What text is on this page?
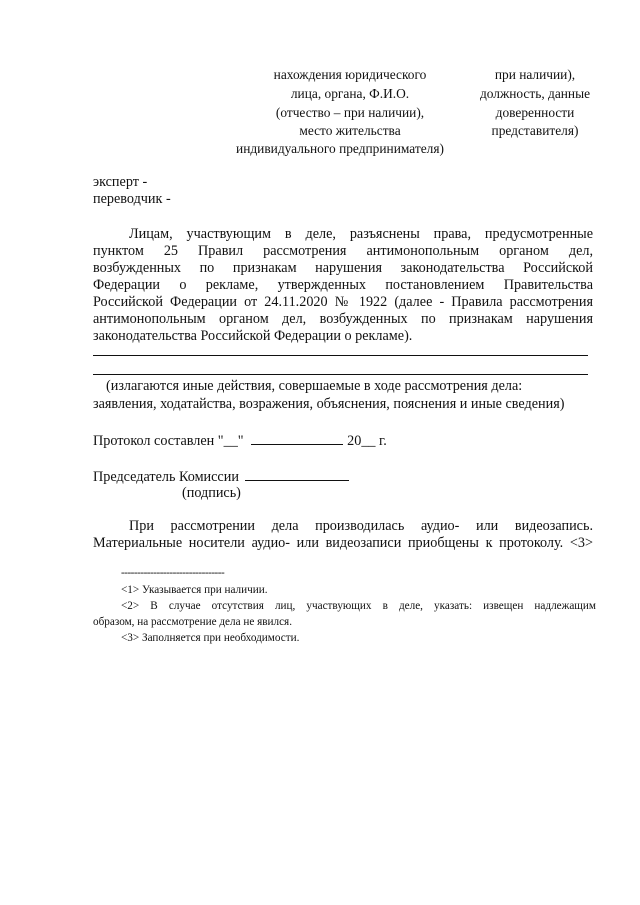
нахождения юридического
лица, органа, Ф.И.О.
(отчество – при наличии),
место жительства
индивидуального предпринимателя)
при наличии),
должность, данные
доверенности
представителя)
эксперт -
переводчик -
Лицам, участвующим в деле, разъяснены права, предусмотренные
пунктом 25 Правил рассмотрения антимонопольным органом дел,
возбужденных по признакам нарушения законодательства Российской
Федерации о рекламе, утвержденных постановлением Правительства
Российской Федерации от 24.11.2020 № 1922 (далее - Правила рассмотрения
антимонопольным органом дел, возбужденных по признакам нарушения
законодательства Российской Федерации о рекламе).
(излагаются иные действия, совершаемые в ходе рассмотрения дела:
заявления, ходатайства, возражения, объяснения, пояснения и иные сведения)
Протокол составлен "__"	20__ г.
Председатель Комиссии
(подпись)
При рассмотрении дела производилась аудио- или видеозапись.
Материальные носители аудио- или видеозаписи приобщены к протоколу. <3>
--------------------------------
<1> Указывается при наличии.
<2> В случае отсутствия лиц, участвующих в деле, указать: извещен надлежащим
образом, на рассмотрение дела не явился.
<3> Заполняется при необходимости.
